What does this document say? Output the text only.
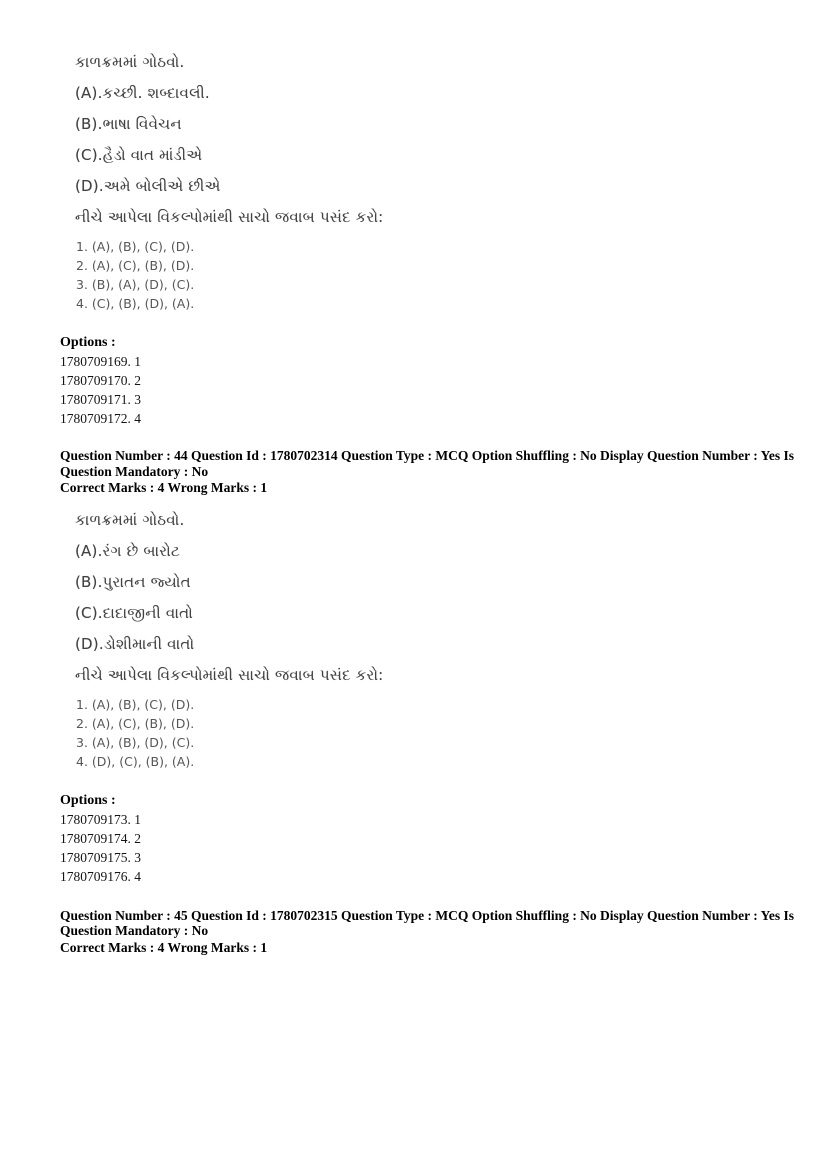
કાળક્રમમાં ગોઠવો.
(A).કચ્છી. શબ્દાવલી.
(B).ભાષા વિવેચન
(C).હૈડો વાત માંડીએ
(D).અમે બોલીએ છીએ
નીચે આપેલા વિકલ્પોમાંથી સાચો જવાબ પસંદ કરો:
1. (A), (B), (C), (D).
2. (A), (C), (B), (D).
3. (B), (A), (D), (C).
4. (C), (B), (D), (A).
Options :
1780709169. 1
1780709170. 2
1780709171. 3
1780709172. 4
Question Number : 44 Question Id : 1780702314 Question Type : MCQ Option Shuffling : No Display Question Number : Yes Is
Question Mandatory : No
Correct Marks : 4 Wrong Marks : 1
કાળક્રમમાં ગોઠવો.
(A).રંગ છે બારોટ
(B).પુરાતન જ્યોત
(C).દાદાજીની વાતો
(D).ડોશીમાની વાતો
નીચે આપેલા વિકલ્પોમાંથી સાચો જવાબ પસંદ કરો:
1. (A), (B), (C), (D).
2. (A), (C), (B), (D).
3. (A), (B), (D), (C).
4. (D), (C), (B), (A).
Options :
1780709173. 1
1780709174. 2
1780709175. 3
1780709176. 4
Question Number : 45 Question Id : 1780702315 Question Type : MCQ Option Shuffling : No Display Question Number : Yes Is
Question Mandatory : No
Correct Marks : 4 Wrong Marks : 1
